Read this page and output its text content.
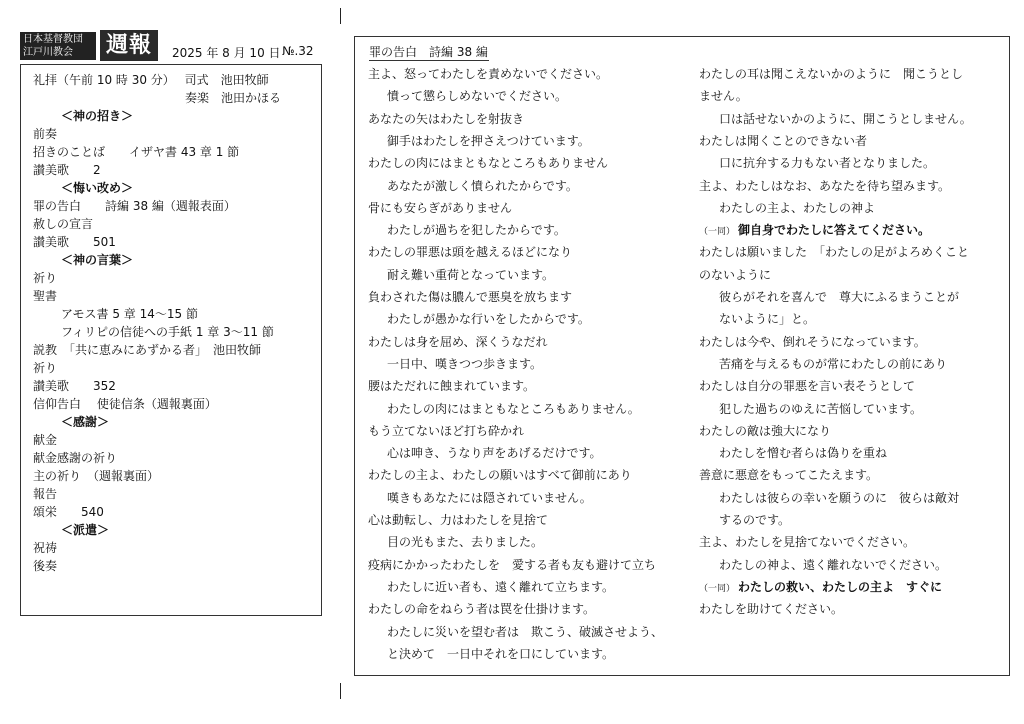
日本基督教団
江戸川教会	週報	2025 年 8 月 10 日 №.32
礼拝（午前 10 時 30 分）　 司式　池田牧師
奏楽　池田かほる
＜神の招き＞
前奏
招きのことば　　イザヤ書 43 章 1 節
讃美歌　　2
＜悔い改め＞
罪の告白　　詩編 38 編（週報表面）
赦しの宣言
讃美歌　　501
＜神の言葉＞
祈り
聖書
アモス書 5 章 14～15 節
フィリピの信徒への手紙 1 章 3～11 節
説教　「共に恵みにあずかる者」　池田牧師
祈り
讃美歌　　352
信仰告白　 使徒信条（週報裏面）
＜感謝＞
献金
献金感謝の祈り
主の祈り　（週報裏面）
報告
頌栄　　540
＜派遣＞
祝祷
後奏
罪の告白　詩編 38 編
主よ、怒ってわたしを責めないでください。
憤って懲らしめないでください。
あなたの矢はわたしを射抜き
御手はわたしを押さえつけています。
わたしの肉にはまともなところもありません
あなたが激しく憤られたからです。
骨にも安らぎがありません
わたしが過ちを犯したからです。
わたしの罪悪は頭を越えるほどになり
耐え難い重荷となっています。
負わされた傷は膿んで悪臭を放ちます
わたしが愚かな行いをしたからです。
わたしは身を屈め、深くうなだれ
一日中、嘆きつつ歩きます。
腰はただれに蝕まれています。
わたしの肉にはまともなところもありません。
もう立てないほど打ち砕かれ
心は呻き、うなり声をあげるだけです。
わたしの主よ、わたしの願いはすべて御前にあり
嘆きもあなたには隠されていません。
心は動転し、力はわたしを見捨て
目の光もまた、去りました。
疫病にかかったわたしを　愛する者も友も避けて立ち
わたしに近い者も、遠く離れて立ちます。
わたしの命をねらう者は罠を仕掛けます。
わたしに災いを望む者は　欺こう、破滅させよう、
と決めて　一日中それを口にしています。
わたしの耳は聞こえないかのように　聞こうとし
ません。
口は話せないかのように、開こうとしません。
わたしは聞くことのできない者
口に抗弁する力もない者となりました。
主よ、わたしはなお、あなたを待ち望みます。
わたしの主よ、わたしの神よ
（一同） 御自身でわたしに答えてください。
わたしは願いました　「わたしの足がよろめくこと
のないように
彼らがそれを喜んで　尊大にふるまうことが
ないように」と。
わたしは今や、倒れそうになっています。
苦痛を与えるものが常にわたしの前にあり
わたしは自分の罪悪を言い表そうとして
犯した過ちのゆえに苦悩しています。
わたしの敵は強大になり
わたしを憎む者らは偽りを重ね
善意に悪意をもってこたえます。
わたしは彼らの幸いを願うのに　彼らは敵対
するのです。
主よ、わたしを見捨てないでください。
わたしの神よ、遠く離れないでください。
（一同） わたしの救い、わたしの主よ　すぐに
わたしを助けてください。
